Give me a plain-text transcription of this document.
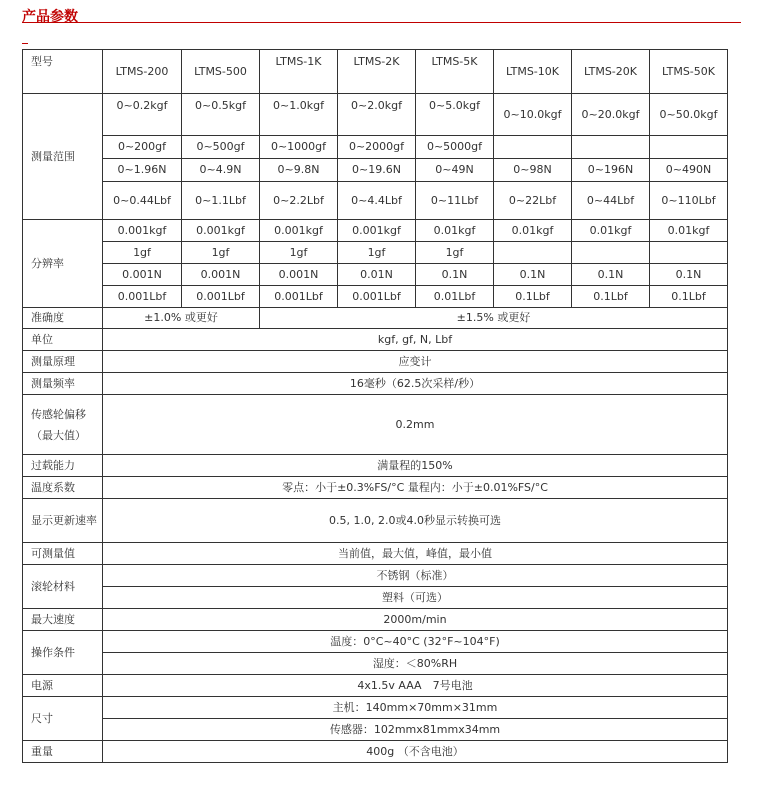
产品参数
型号	LTMS-200	LTMS-500	LTMS-1K	LTMS-2K	LTMS-5K	LTMS-10K	LTMS-20K	LTMS-50K
测量范围	0~0.2kgf	0~0.5kgf	0~1.0kgf	0~2.0kgf	0~5.0kgf	0~10.0kgf	0~20.0kgf	0~50.0kgf
	0~200gf	0~500gf	0~1000gf	0~2000gf	0~5000gf			
	0~1.96N	0~4.9N	0~9.8N	0~19.6N	0~49N	0~98N	0~196N	0~490N
	0~0.44Lbf	0~1.1Lbf	0~2.2Lbf	0~4.4Lbf	0~11Lbf	0~22Lbf	0~44Lbf	0~110Lbf
分辨率	0.001kgf	0.001kgf	0.001kgf	0.001kgf	0.01kgf	0.01kgf	0.01kgf	0.01kgf
	1gf	1gf	1gf	1gf	1gf			
	0.001N	0.001N	0.001N	0.01N	0.1N	0.1N	0.1N	0.1N
	0.001Lbf	0.001Lbf	0.001Lbf	0.001Lbf	0.01Lbf	0.1Lbf	0.1Lbf	0.1Lbf
准确度	±1.0% 或更好		±1.5% 或更好					
单位	kgf, gf, N, Lbf							
测量原理	应变计							
测量频率	16毫秒（62.5次采样/秒）							
传感轮偏移（最大值）	0.2mm							
过载能力	满量程的150%							
温度系数	零点：小于±0.3%FS/°C 量程内：小于±0.01%FS/°C							
显示更新速率	0.5, 1.0, 2.0或4.0秒显示转换可选							
可测量值	当前值，最大值，峰值，最小值							
滚轮材料	不锈钢（标准）							
	塑料（可选）							
最大速度	2000m/min							
操作条件	温度：0°C~40°C (32°F~104°F)							
	湿度：＜80%RH							
电源	4x1.5v AAA　7号电池							
尺寸	主机：140mm×70mm×31mm							
	传感器：102mmx81mmx34mm							
重量	400g （不含电池）							
